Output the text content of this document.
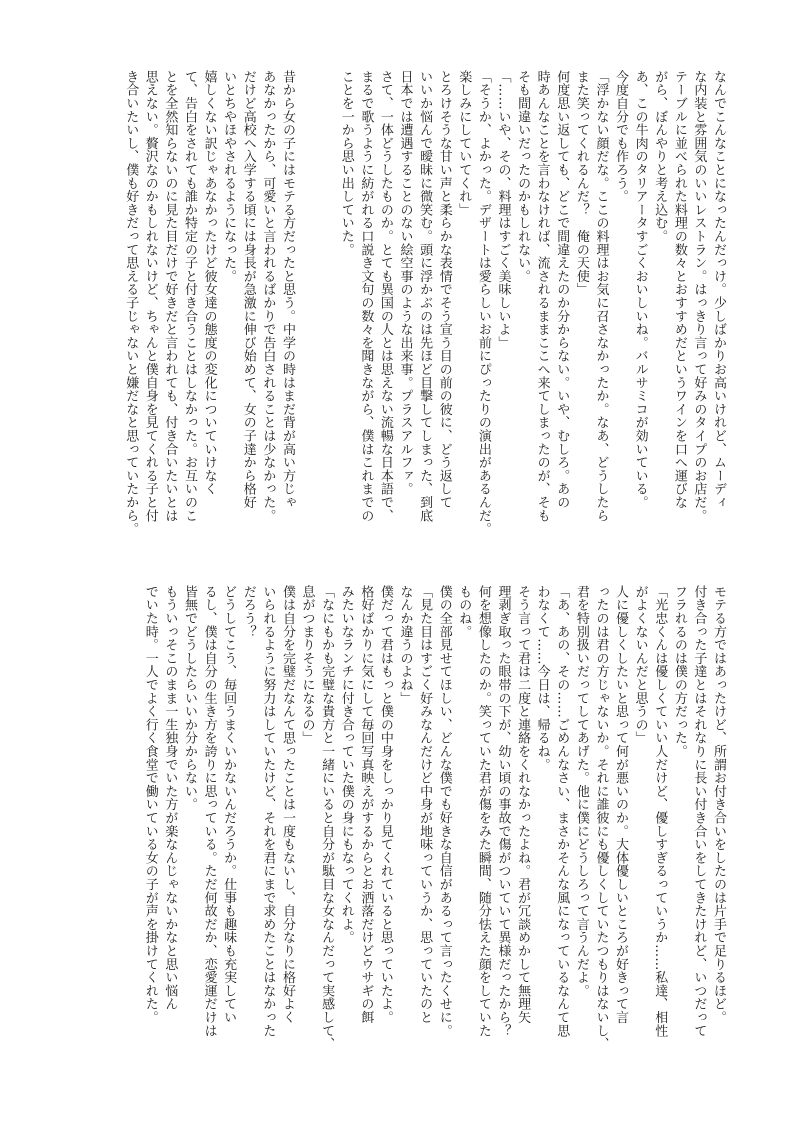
なんでこんなことになったんだっけ。少しばかりお高いけれど、ムーディ

な内装と雰囲気のいいレストラン。はっきり言って好みのタイプのお店だ。

テーブルに並べられた料理の数々とおすすめだというワインを口へ運びな

がら、ぼんやりと考え込む。

あ、この牛肉のタリアータすごくおいしいね。バルサミコが効いている。

今度自分でも作ろう。

「浮かない顔だな。ここの料理はお気に召さなかったか。なあ、どうしたら

また笑ってくれるんだ？　俺の天使」

何度思い返しても、どこで間違えたのか分からない。いや、むしろ。あの

時あんなことを言わなければ、流されるままここへ来てしまったのが、そも

そも間違いだったのかもしれない。

「……いや、その、料理はすごく美味しいよ」

「そうか、よかった。デザートは愛らしいお前にぴったりの演出があるんだ。

楽しみにしていてくれ」

とろけそうな甘い声と柔らかな表情でそう宣う目の前の彼に、どう返して

いいか悩んで曖昧に微笑む。頭に浮かぶのは先ほど目撃してしまった、到底

日本では遭遇することのない絵空事のような出来事。プラスアルファ。

さて、一体どうしたものか。とても異国の人とは思えない流暢な日本語で、

まるで歌うように紡がれる口説き文句の数々を聞きながら、僕はこれまでの

ことを一から思い出していた。

昔から女の子にはモテる方だったと思う。中学の時はまだ背が高い方じゃ

あなかったから、可愛いと言われるばかりで告白されることは少なかった。

だけど高校へ入学する頃には身長が急激に伸び始めて、女の子達から格好

いとちやほやされるようになった。

嬉しくない訳じゃあなかったけど彼女達の態度の変化についていけなく

て、告白をされても誰か特定の子と付き合うことはしなかった。お互いのこ

とを全然知らないのに見た目だけで好きだと言われても、付き合いたいとは

思えない。贅沢なのかもしれないけど、ちゃんと僕自身を見てくれる子と付

き合いたいし、僕も好きだって思える子じゃないと嫌だなと思っていたから。

モテる方ではあったけど、所謂お付き合いをしたのは片手で足りるほど。

付き合った子達とはそれなりに長い付き合いをしてきたけれど、いつだって

フラれるのは僕の方だった。

「光忠くんは優しくていい人だけど、優しすぎるっていうか……私達、相性

がよくないんだと思うの」

人に優しくしたいと思って何が悪いのか。大体優しいところが好きって言

ったのは君の方じゃないか。それに誰彼にも優しくしていたつもりはないし、

君を特別扱いだってしてあげた。他に僕にどうしろって言うんだよ。

「あ、あの、その……ごめんなさい、まさかそんな風になっているなんて思

わなくて……今日は、帰るね。

そう言って君は二度と連絡をくれなかったよね。君が冗談めかして無理矢

理剥ぎ取った眼帯の下が、幼い頃の事故で傷がついていて異様だったから？

何を想像したのか。笑っていた君が傷をみた瞬間、随分怯えた顔をしていた

ものね。

僕の全部見せてほしい、どんな僕でも好きな自信があるって言ったくせに。

「見た目はすごく好みなんだけど中身が地味っていうか、思っていたのと

なんか違うのよね」

僕だって君はもっと僕の中身をしっかり見てくれていると思っていたよ。

格好ばかりに気にして毎回写真映えがするからとお洒落だけどウサギの餌

みたいなランチに付き合っていた僕の身にもなってくれよ。

「なにもかも完璧な貴方と一緒にいると自分が駄目な女なんだって実感して、

息がつまりそうになるの」

僕は自分を完璧だなんて思ったことは一度もないし、自分なりに格好よく

いられるように努力はしていたけど、それを君にまで求めたことはなかった

だろう？

どうしてこう、毎回うまくいかないんだろうか。仕事も趣味も充実してい

るし、僕は自分の生き方を誇りに思っている。ただ何故だか、恋愛運だけは

皆無でどうしたらいいか分からない。

もういっそこのまま一生独身でいた方が楽なんじゃないかなと思い悩ん

でいた時。一人でよく行く食堂で働いている女の子が声を掛けてくれた。
